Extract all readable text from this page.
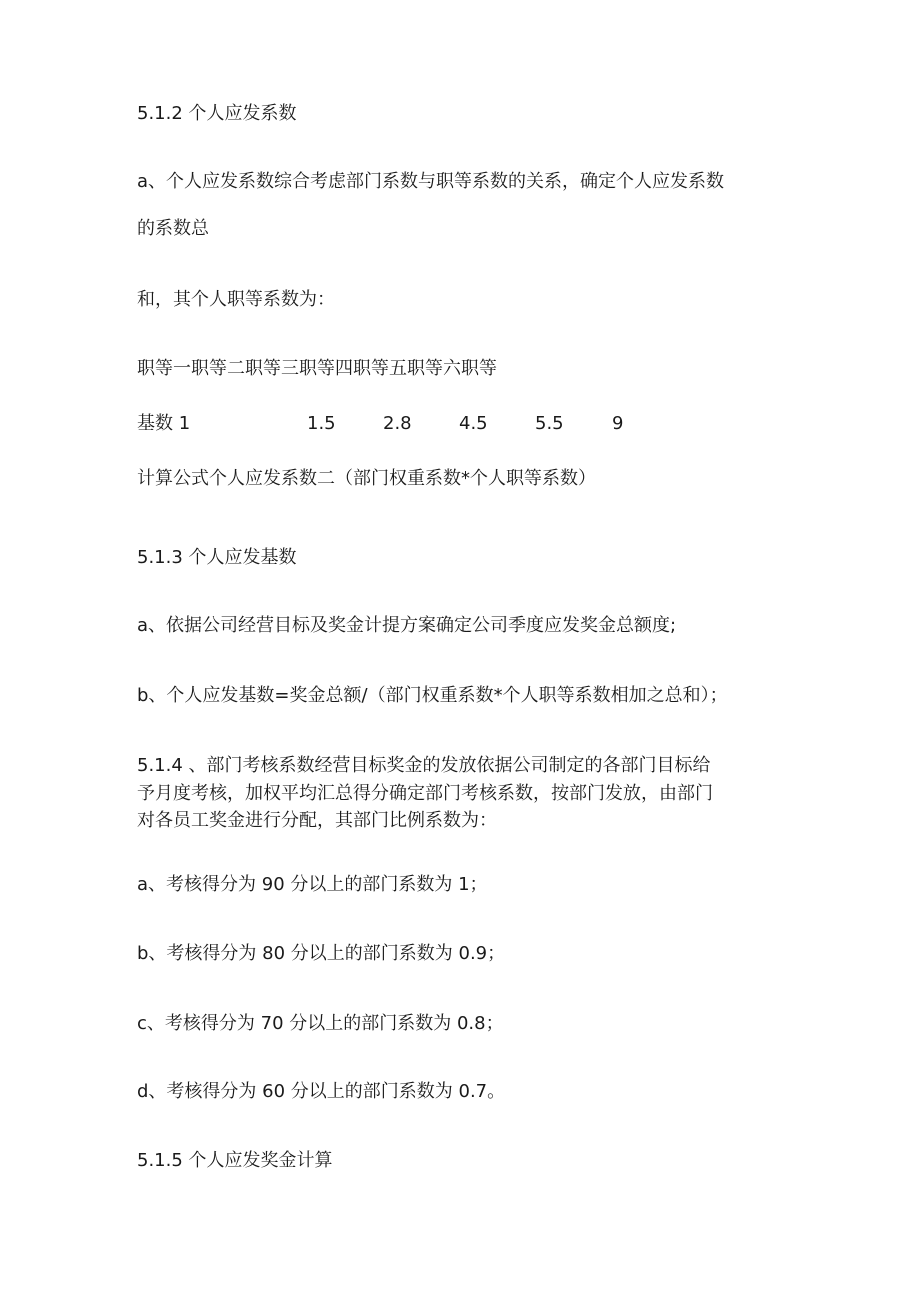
5.1.2 个人应发系数

a、个人应发系数综合考虑部门系数与职等系数的关系，确定个人应发系数

的系数总

和，其个人职等系数为：

职等一职等二职等三职等四职等五职等六职等

基数 1	1.5	2.8	4.5	5.5	9

计算公式个人应发系数二（部门权重系数*个人职等系数）

5.1.3 个人应发基数

a、依据公司经营目标及奖金计提方案确定公司季度应发奖金总额度;

b、个人应发基数=奖金总额/（部门权重系数*个人职等系数相加之总和）；

5.1.4 、部门考核系数经营目标奖金的发放依据公司制定的各部门目标给

予月度考核，加权平均汇总得分确定部门考核系数，按部门发放，由部门

对各员工奖金进行分配，其部门比例系数为：

a、考核得分为 90 分以上的部门系数为 1；

b、考核得分为 80 分以上的部门系数为 0.9；

c、考核得分为 70 分以上的部门系数为 0.8；

d、考核得分为 60 分以上的部门系数为 0.7。

5.1.5 个人应发奖金计算
